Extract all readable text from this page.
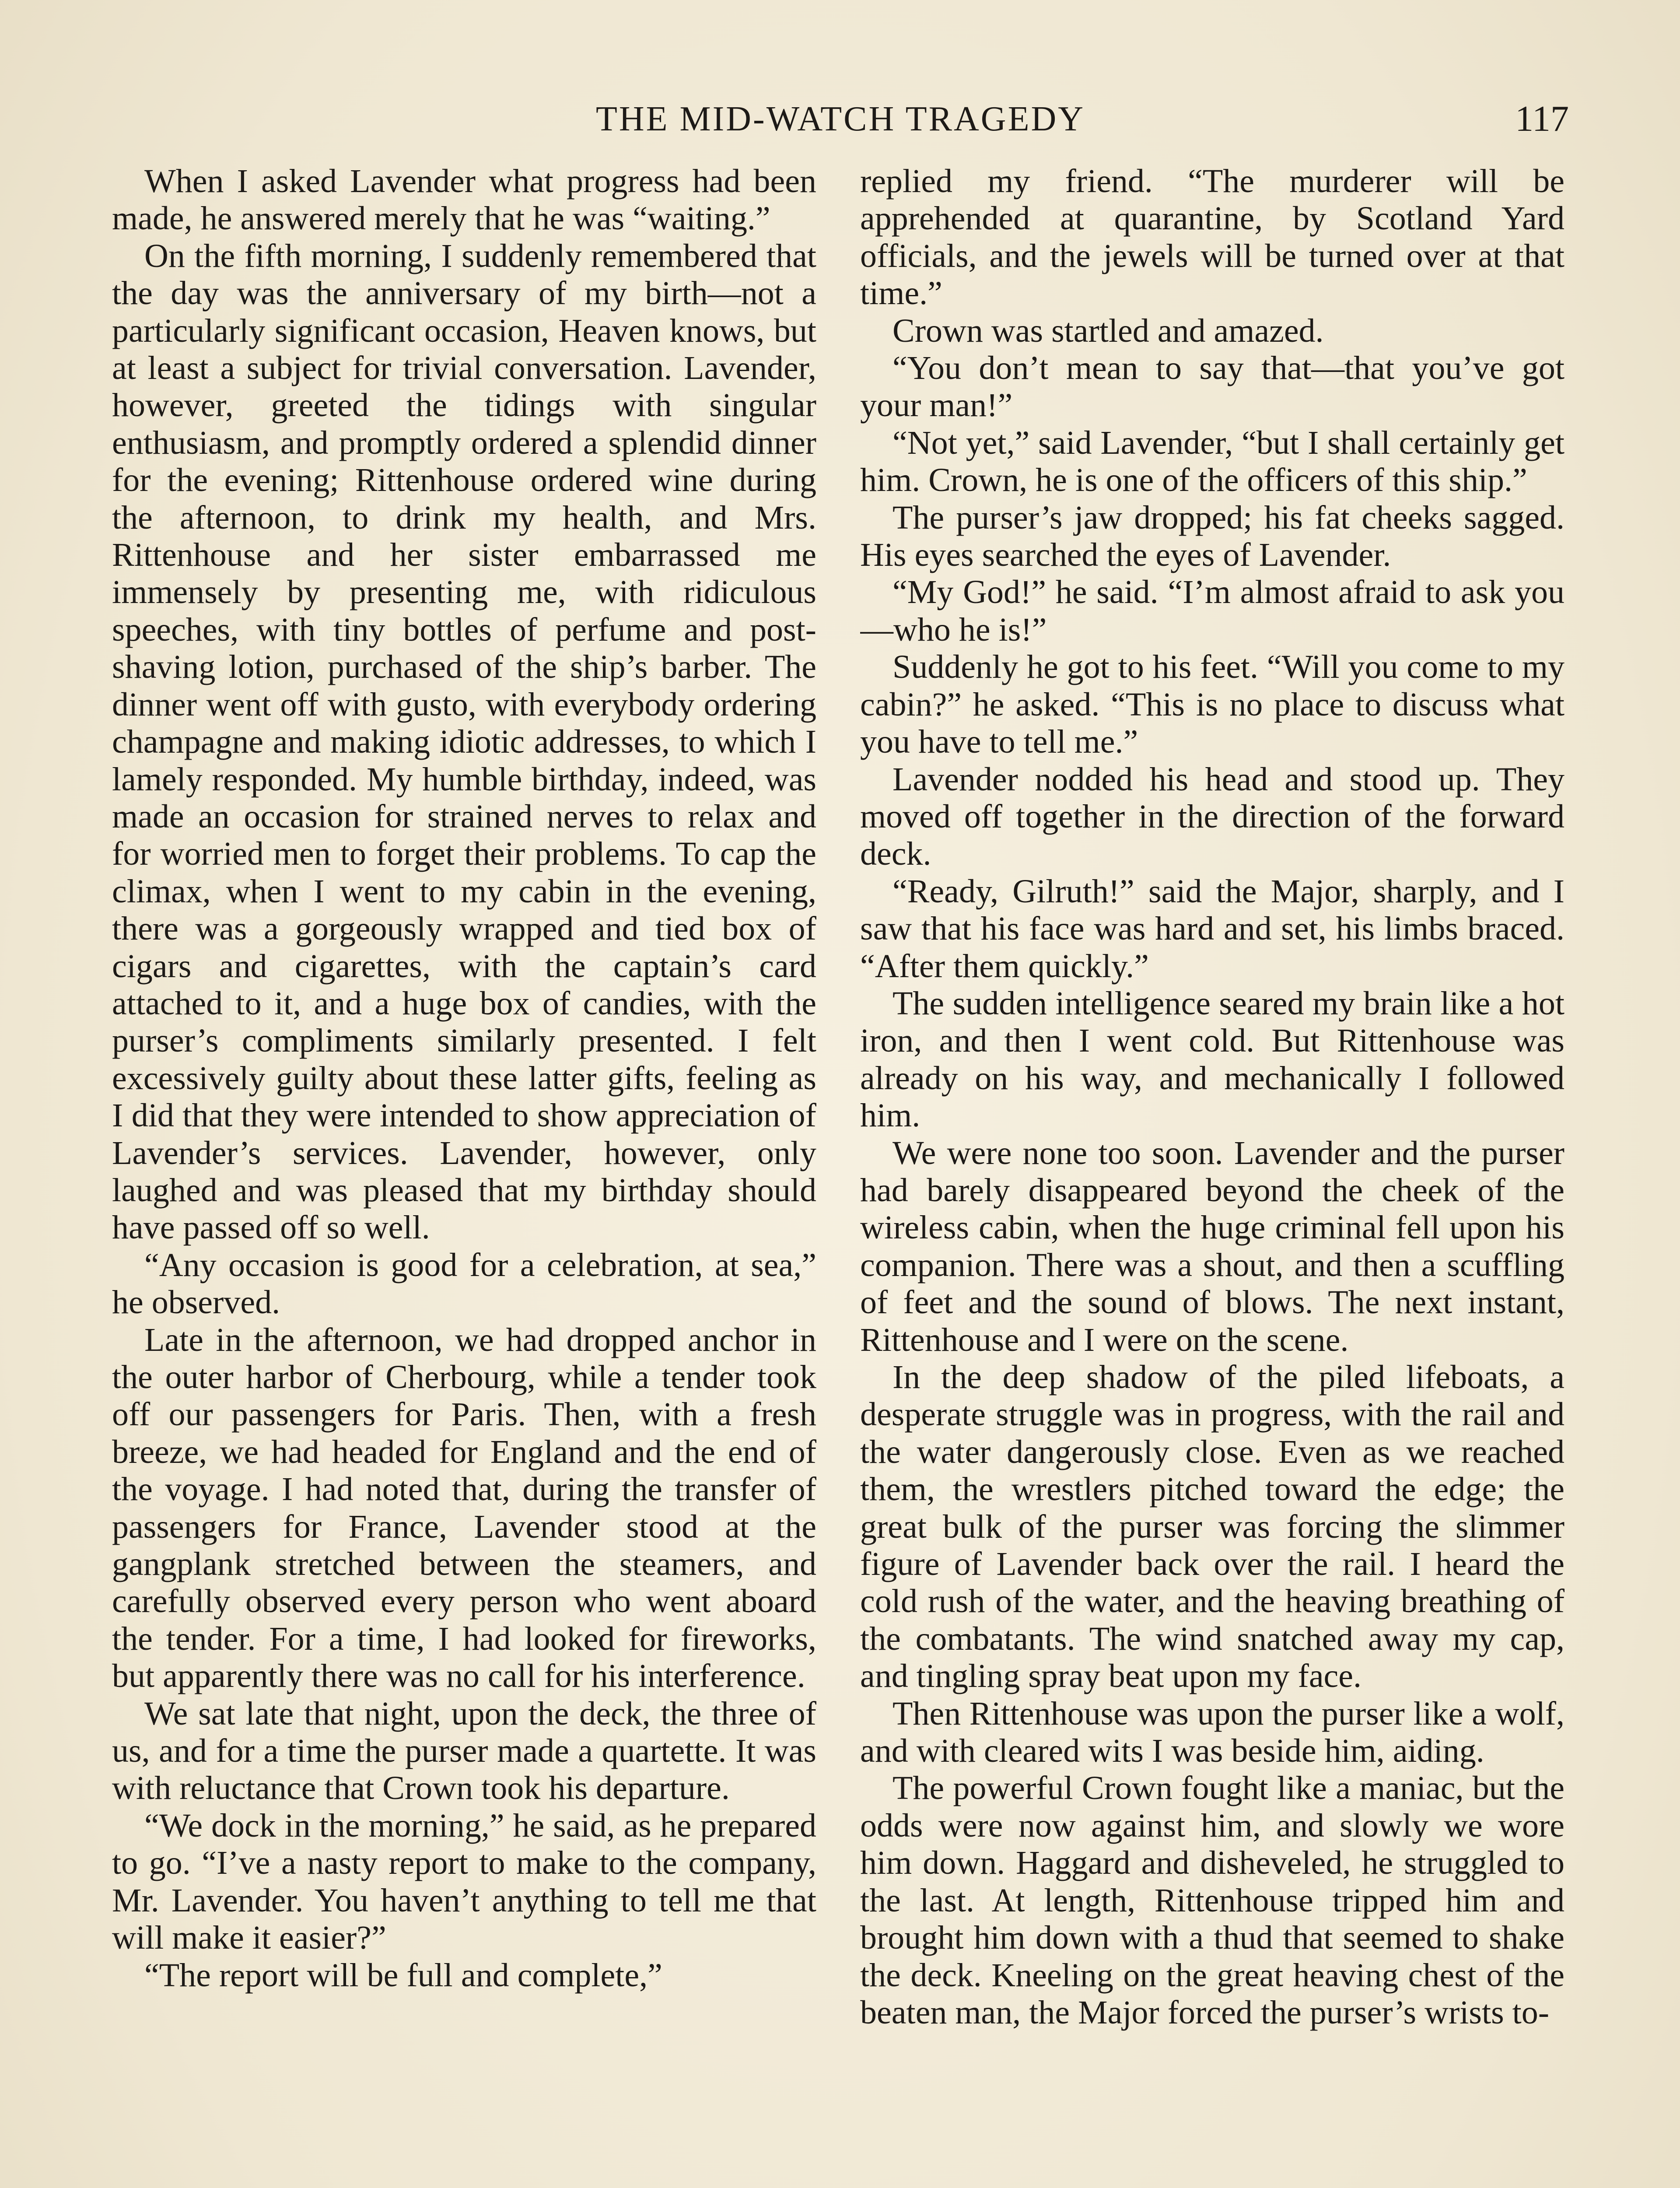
THE MID-WATCH TRAGEDY	117

When I asked Lavender what progress had been made, he answered merely that he was “waiting.”

On the fifth morning, I suddenly remembered that the day was the anniversary of my birth—not a particularly significant occasion, Heaven knows, but at least a subject for trivial conversation. Lavender, however, greeted the tidings with singular enthusiasm, and promptly ordered a splendid dinner for the evening; Rittenhouse ordered wine during the afternoon, to drink my health, and Mrs. Rittenhouse and her sister embarrassed me immensely by presenting me, with ridiculous speeches, with tiny bottles of perfume and post-shaving lotion, purchased of the ship’s barber. The dinner went off with gusto, with everybody ordering champagne and making idiotic addresses, to which I lamely responded. My humble birthday, indeed, was made an occasion for strained nerves to relax and for worried men to forget their problems. To cap the climax, when I went to my cabin in the evening, there was a gorgeously wrapped and tied box of cigars and cigarettes, with the captain’s card attached to it, and a huge box of candies, with the purser’s compliments similarly presented. I felt excessively guilty about these latter gifts, feeling as I did that they were intended to show appreciation of Lavender’s services. Lavender, however, only laughed and was pleased that my birthday should have passed off so well.

“Any occasion is good for a celebration, at sea,” he observed.

Late in the afternoon, we had dropped anchor in the outer harbor of Cherbourg, while a tender took off our passengers for Paris. Then, with a fresh breeze, we had headed for England and the end of the voyage. I had noted that, during the transfer of passengers for France, Lavender stood at the gangplank stretched between the steamers, and carefully observed every person who went aboard the tender. For a time, I had looked for fireworks, but apparently there was no call for his interference.

We sat late that night, upon the deck, the three of us, and for a time the purser made a quartette. It was with reluctance that Crown took his departure.

“We dock in the morning,” he said, as he prepared to go. “I’ve a nasty report to make to the company, Mr. Lavender. You haven’t anything to tell me that will make it easier?”

“The report will be full and complete,”

replied my friend. “The murderer will be apprehended at quarantine, by Scotland Yard officials, and the jewels will be turned over at that time.”

Crown was startled and amazed.

“You don’t mean to say that—that you’ve got your man!”

“Not yet,” said Lavender, “but I shall certainly get him. Crown, he is one of the officers of this ship.”

The purser’s jaw dropped; his fat cheeks sagged. His eyes searched the eyes of Lavender.

“My God!” he said. “I’m almost afraid to ask you—who he is!”

Suddenly he got to his feet. “Will you come to my cabin?” he asked. “This is no place to discuss what you have to tell me.”

Lavender nodded his head and stood up. They moved off together in the direction of the forward deck.

“Ready, Gilruth!” said the Major, sharply, and I saw that his face was hard and set, his limbs braced. “After them quickly.”

The sudden intelligence seared my brain like a hot iron, and then I went cold. But Rittenhouse was already on his way, and mechanically I followed him.

We were none too soon. Lavender and the purser had barely disappeared beyond the cheek of the wireless cabin, when the huge criminal fell upon his companion. There was a shout, and then a scuffling of feet and the sound of blows. The next instant, Rittenhouse and I were on the scene.

In the deep shadow of the piled lifeboats, a desperate struggle was in progress, with the rail and the water dangerously close. Even as we reached them, the wrestlers pitched toward the edge; the great bulk of the purser was forcing the slimmer figure of Lavender back over the rail. I heard the cold rush of the water, and the heaving breathing of the combatants. The wind snatched away my cap, and tingling spray beat upon my face.

Then Rittenhouse was upon the purser like a wolf, and with cleared wits I was beside him, aiding.

The powerful Crown fought like a maniac, but the odds were now against him, and slowly we wore him down. Haggard and disheveled, he struggled to the last. At length, Rittenhouse tripped him and brought him down with a thud that seemed to shake the deck. Kneeling on the great heaving chest of the beaten man, the Major forced the purser’s wrists to-
